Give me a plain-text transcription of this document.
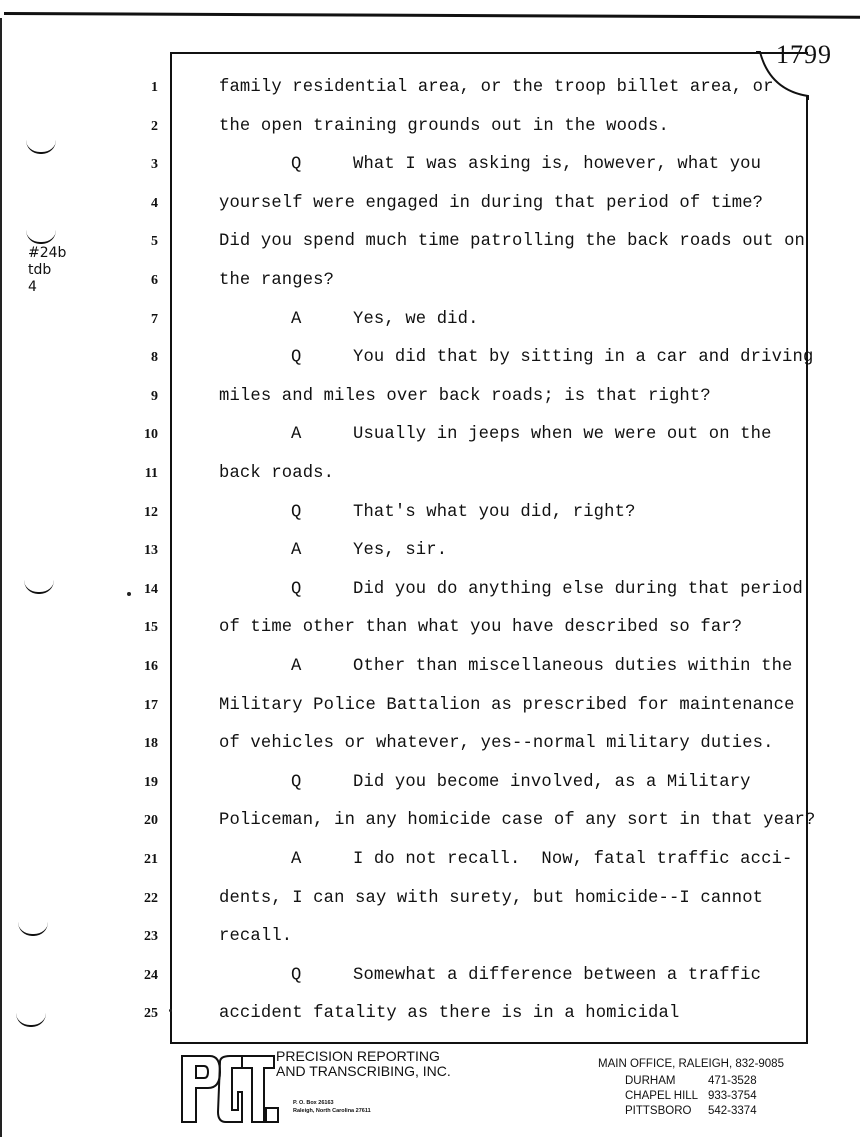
#24b
tdb
4
1799
1	family residential area, or the troop billet area, or
2	the open training grounds out in the woods.
3	Q	What I was asking is, however, what you
4	yourself were engaged in during that period of time?
5	Did you spend much time patrolling the back roads out on
6	the ranges?
7	A	Yes, we did.
8	Q	You did that by sitting in a car and driving
9	miles and miles over back roads; is that right?
10	A	Usually in jeeps when we were out on the
11	back roads.
12	Q	That's what you did, right?
13	A	Yes, sir.
14	Q	Did you do anything else during that period
15	of time other than what you have described so far?
16	A	Other than miscellaneous duties within the
17	Military Police Battalion as prescribed for maintenance
18	of vehicles or whatever, yes--normal military duties.
19	Q	Did you become involved, as a Military
20	Policeman, in any homicide case of any sort in that year?
21	A	I do not recall.  Now, fatal traffic acci-
22	dents, I can say with surety, but homicide--I cannot
23	recall.
24	Q	Somewhat a difference between a traffic
25	accident fatality as there is in a homicidal
P&T.	PRECISION REPORTING
AND TRANSCRIBING, INC.
P. O. Box 26163
Raleigh, North Carolina 27611
MAIN OFFICE, RALEIGH, 832-9085
DURHAM	471-3528
CHAPEL HILL 933-3754
PITTSBORO 542-3374
